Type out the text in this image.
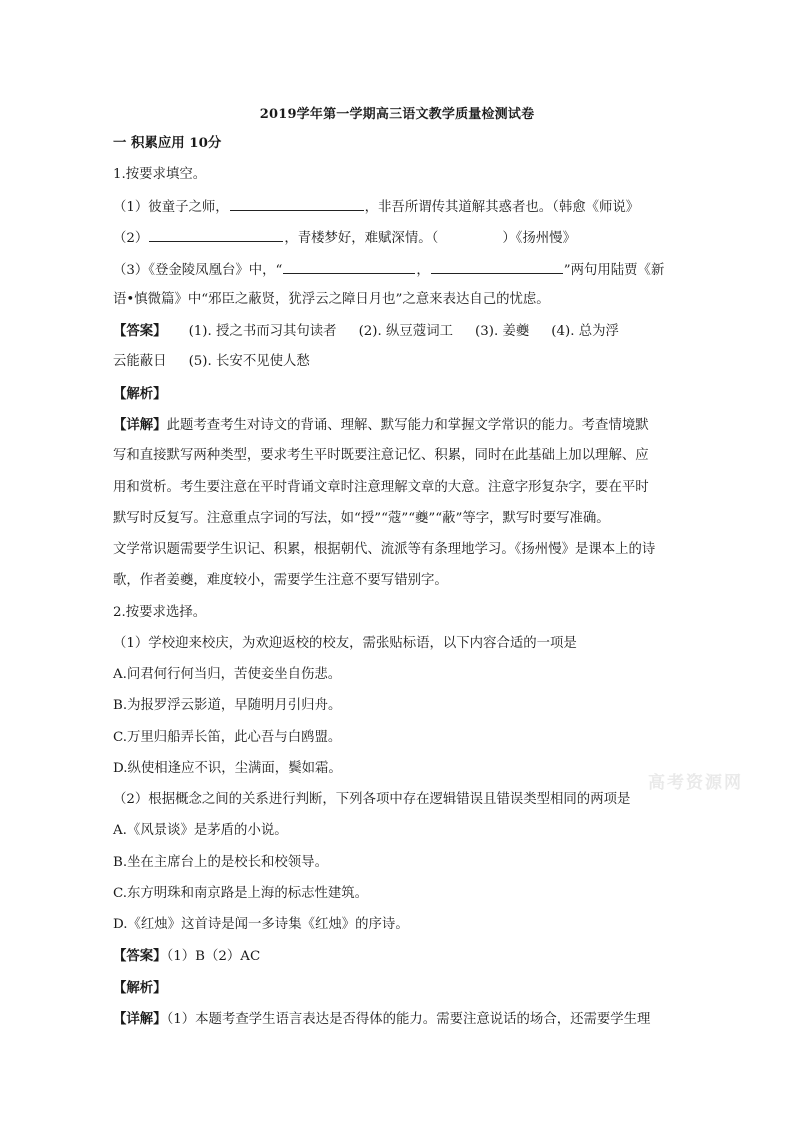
2019学年第一学期高三语文教学质量检测试卷
一 积累应用 10分
1.按要求填空。
（1）彼童子之师，	，非吾所谓传其道解其惑者也。（韩愈《师说》
（2）	，青楼梦好，难赋深情。（	）《扬州慢》
（3）《登金陵凤凰台》中，“	，	”两句用陆贾《新
语•慎微篇》中“邪臣之蔽贤，犹浮云之障日月也”之意来表达自己的忧虑。
【答案】 (1). 授之书而习其句读者 (2). 纵豆蔻词工 (3). 姜夔 (4). 总为浮
云能蔽日 (5). 长安不见使人愁
【解析】
【详解】此题考查考生对诗文的背诵、理解、默写能力和掌握文学常识的能力。考查情境默
写和直接默写两种类型，要求考生平时既要注意记忆、积累，同时在此基础上加以理解、应
用和赏析。考生要注意在平时背诵文章时注意理解文章的大意。注意字形复杂字，要在平时
默写时反复写。注意重点字词的写法，如“授”“蔻”“夔”“蔽”等字，默写时要写准确。
文学常识题需要学生识记、积累，根据朝代、流派等有条理地学习。《扬州慢》是课本上的诗
歌，作者姜夔，难度较小，需要学生注意不要写错别字。
2.按要求选择。
（1）学校迎来校庆，为欢迎返校的校友，需张贴标语，以下内容合适的一项是
A.问君何行何当归，苦使妾坐自伤悲。
B.为报罗浮云影道，早随明月引归舟。
C.万里归船弄长笛，此心吾与白鸥盟。
D.纵使相逢应不识，尘满面，鬓如霜。
（2）根据概念之间的关系进行判断，下列各项中存在逻辑错误且错误类型相同的两项是
A.《风景谈》是茅盾的小说。
B.坐在主席台上的是校长和校领导。
C.东方明珠和南京路是上海的标志性建筑。
D.《红烛》这首诗是闻一多诗集《红烛》的序诗。
【答案】（1）B（2）AC
【解析】
【详解】（1）本题考查学生语言表达是否得体的能力。需要注意说话的场合，还需要学生理
高考资源网
